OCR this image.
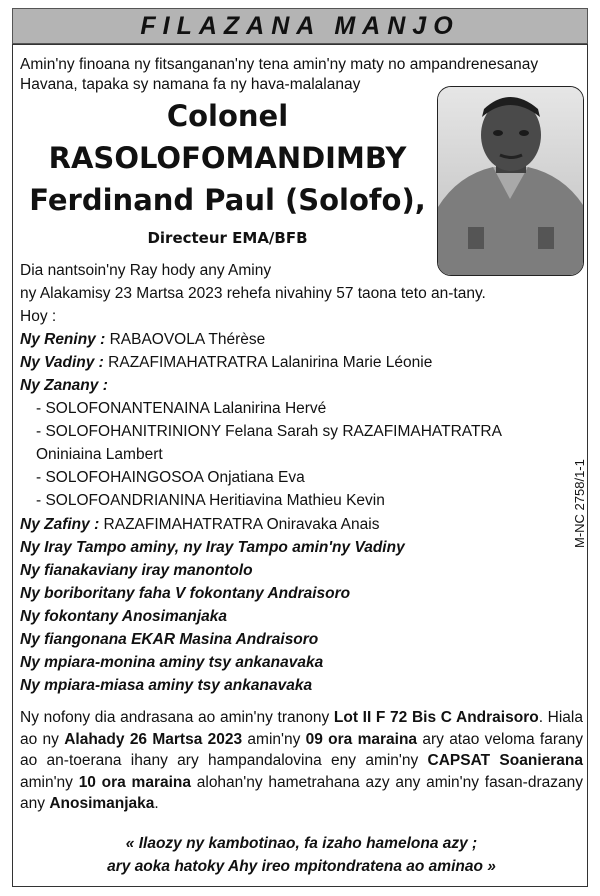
FILAZANA MANJO
Amin'ny finoana ny fitsanganan'ny tena amin'ny maty no ampandrenesanay
Havana, tapaka sy namana fa ny hava-malalanay
Colonel
RASOLOFOMANDIMBY
Ferdinand Paul (Solofo),
Directeur EMA/BFB
Dia nantsoin'ny Ray hody any Aminy
ny Alakamisy 23 Martsa 2023 rehefa nivahiny 57 taona teto an-tany.
Hoy :
Ny Reniny : RABAOVOLA Thérèse
Ny Vadiny : RAZAFIMAHATRATRA Lalanirina Marie Léonie
Ny Zanany :
- SOLOFONANTENAINA Lalanirina Hervé
- SOLOFOHANITRINIONY Felana Sarah sy RAZAFIMAHATRATRA
Oniniaina Lambert
- SOLOFOHAINGOSOA Onjatiana Eva
- SOLOFOANDRIANINA Heritiavina Mathieu Kevin
Ny Zafiny : RAZAFIMAHATRATRA Oniravaka Anais
Ny Iray Tampo aminy, ny Iray Tampo amin'ny Vadiny
Ny fianakaviany iray manontolo
Ny boriboritany faha V fokontany Andraisoro
Ny fokontany Anosimanjaka
Ny fiangonana EKAR Masina Andraisoro
Ny mpiara-monina aminy tsy ankanavaka
Ny mpiara-miasa aminy tsy ankanavaka
M-NC 2758/1-1
Ny nofony dia andrasana ao amin'ny tranony Lot II F 72 Bis C Andraisoro. Hiala ao ny Alahady 26 Martsa 2023 amin'ny 09 ora maraina ary atao veloma farany ao an-toerana ihany ary hampandalovina eny amin'ny CAPSAT Soanierana amin'ny 10 ora maraina alohan'ny hametrahana azy any amin'ny fasan-drazany any Anosimanjaka.
« Ilaozy ny kambotinao, fa izaho hamelona azy ;
ary aoka hatoky Ahy ireo mpitondratena ao aminao »
